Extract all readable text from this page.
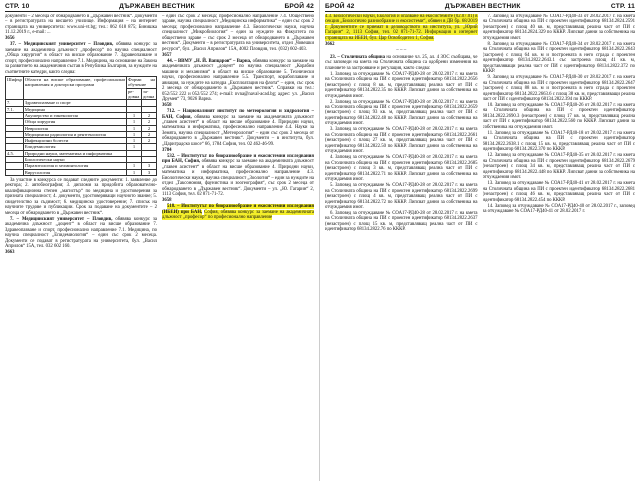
СТР. 10	ДЪРЖАВЕН ВЕСТНИК	БРОЙ 42

документи – 2 месеца от обнародването в „Държавен вестник“. Документи – в регистратурата на висшето училище. Информация – на интернет страницата на университета: www.uni-vt.bg; тел.: 062 618 875; Бинишка 11.12.2019 г., e-mail: ...

3656

37. – Медицинският университет – Пловдив, обявява конкурс за заемане на академична длъжност „професор“ по научна специалност „Обща хирургия“ в област на висше образование 7. Здравеопазване и спорт, професионално направление 7.1. Медицина, на основание на Закона за развитието на академичния състав в Република България, за нуждите на съответните катедри, както следва:

Шифър	Области на висше образование, професионални направления и докторски програми	Форми на обучение	
		ре-довна	за-дочна
7.	Здравеопазване и спорт		
7.1.	Медицина		
	Акушерство и гинекология	1	2
	Обща хирургия	1	2
	Неврология	1	2
	Медицинска радиология и рентгенология	1	2
	Инфекциозни болести	1	2
	Епидемиология	1	
4.5.	Природни науки, математика и информатика		
	Биологически науки		
	Паразитология и хелминтология	1	3
	Вирусология	1	3

За участие в конкурса се подават следните документи: 1. заявление до ректора; 2. автобиография; 3. дипломи за придобита образователно-квалификационна степен „магистър“ по медицина и удостоверения за призната специалност; 4. документи, удостоверяващи научното звание; 5. свидетелство за съдимост; 6. медицинско удостоверение; 7. списък на научните трудове и публикации. Срок за подаване на документите – 2 месеца от обнародването в „Държавен вестник“.

7. – Медицинският университет – Пловдив, обявява конкурс за академична длъжност „доцент“ в област на висше образование 7. Здравеопазване и спорт, професионално направление 7.1. Медицина, по научна специалност „Епидемиология“ – един със срок 2 месеца. Документи се подават в регистратурата на университета, бул. „Васил Априлов“ 15А, тел. 032 602 160.

3663

– един със срок 2 месеца; професионално направление 7.4. Обществено здраве, научна специалност „Медицинска информатика“ – един със срок 2 месеца; професионално направление 4.3. Биологически науки, научна специалност „Микробиология“ – един за нуждите на Факултета по обществено здраве – със срок 2 месеца от обнародването в „Държавен вестник“. Документи – в регистратурата на университета, отдел „Човешки ресурси“, бул. „Васил Априлов“ 15А, 4002 Пловдив, тел. (032) 602-403.

3657

44. – ВВМУ „Н. Й. Вапцаров“ – Варна, обявява конкурс за заемане на академичната длъжност „доцент“ по научна специалност „Корабни машини и механизми“ в област на висше образование 5. Технически науки, професионално направление 5.5. Транспорт, корабоплаване и авиация, за нуждите на катедра „Експлоатация на флота“ – един, със срок 2 месеца от обнародването в „Държавен вестник“. Справки на тел.: 052/552 222 и 052/552 274; e-mail: nvna@naval-acad.bg; адрес: ул. „Васил Друмев“ 73, 9026 Варна.

3658

712. – Националният институт по метеорология и хидрология – БАН, София, обявява конкурс за заемане на академичната длъжност „главен асистент“ в област на висше образование 4. Природни науки, математика и информатика, професионално направление 4.4. Науки за Земята, научна специалност „Метеорология“ – един със срок 2 месеца от обнародването в „Държавен вестник“. Документи – в институтa, бул. „Цариградско шосе“ 66, 1784 София, тел. 02 462-46-99.

3784

532. – Институтът по биоразнообразие и екосистемни изследвания при БАН, София, обявява конкурс за заемане на академичната длъжност „главен асистент“ в област на висше образование 4. Природни науки, математика и информатика, професионално направление 4.3. Биологически науки, научна специалност „Зоология“ – един за нуждите на отдел „Таксономия, фаунистика и зоогеография“, със срок 2 месеца от обнародването в „Държавен вестник“. Документи – ул. „Ю. Гагарин“ 2, 1113 София, тел. 02 871-71-72.

3658

518. – Институтът по биоразнообразие и екосистемни изследвания (ИБЕИ) при БАН, София, обявява конкурс за заемане на академичната длъжност „професор“ по професионално направление

БРОЙ 42	ДЪРЖАВЕН ВЕСТНИК	СТР. 11

4.3. Биологически науки, Екология и опазване на екосистемите (02.07.01) в секция „Биологично разнообразие и екосистеми“, обявен в ДВ бр. 68/2019 г. Документите се приемат в деловодството на института, ул. „Юрий Гагарин“ 2, 1113 София, тел. 02 871-71-72. Информация в интернет страницата на ИБЕИ, бул. Цар Освободител 1, София.

3662

– – –

23. – Столичната община на основание чл. 25, ал. 4 ЗОС съобщава, че със заповеди на кмета на Столичната община са одобрени изменения на плановете за застрояване и регулация, както следва:

1. Заповед за отчуждаване № СОА17-РД40-28 от 28.02.2017 г. на кмета на Столичната община на ПИ с проектен идентификатор 68134.2822.2656 (незастроен) с площ 8 кв. м, представляващ реална част от ПИ с идентификатор 68134.2822.35 по КККР. Липсват данни за собственика на отчуждаемия имот.

2. Заповед за отчуждаване № СОА17-РД40-28 от 28.02.2017 г. на кмета на Столичната община на ПИ с проектен идентификатор 68134.2822.2659 (незастроен) с площ 93 кв. м, представляващ реална част от ПИ с идентификатор 68134.2822.48 по КККР. Липсват данни за собственика на отчуждаемия имот.

3. Заповед за отчуждаване № СОА17-РД40-28 от 28.02.2017 г. на кмета на Столичната община на ПИ с проектен идентификатор 68134.2822.2661 (незастроен) с площ 27 кв. м, представляващ реална част от ПИ с идентификатор 68134.2822.50 по КККР. Липсват данни за собственика на отчуждаемия имот.

4. Заповед за отчуждаване № СОА17-РД40-28 от 28.02.2017 г. на кмета на Столичната община на ПИ с проектен идентификатор 68134.2822.2685 (незастроен) с площ 3 кв. м, представляващ реална част от ПИ с идентификатор 68134.2822.71 по КККР. Липсват данни за собственика на отчуждаемия имот.

5. Заповед за отчуждаване № СОА17-РД40-28 от 28.02.2017 г. на кмета на Столичната община на ПИ с проектен идентификатор 68134.2822.2699 (незастроен) с площ 4 кв. м, представляващ реална част от ПИ с идентификатор 68134.2822.72 по КККР. Липсват данни за собственика на отчуждаемия имот.

6. Заповед за отчуждаване № СОА17-РД40-28 от 28.02.2017 г. на кмета на Столичната община на ПИ с проектен идентификатор 68134.2822.2637 (незастроен) с площ 15 кв. м, представляващ реална част от ПИ с идентификатор 68134.2822.76 по КККР.

7. Заповед за отчуждаване № СОА17-РД40-33 от 28.02.2017 г. на кмета на Столичната община на ПИ с проектен идентификатор 68134.2824.2591 (незастроен) с площ 40 кв. м, представляващ реална част от ПИ с идентификатор 68134.2824.329 по КККР. Липсват данни за собственика на отчуждаемия имот.

8. Заповед за отчуждаване № СОА17-РД40-34 от 28.02.2017 г. на кмета на Столичната община на ПИ с проектен идентификатор 68134.2822.2643 (застроен) с площ 64 кв. м и построената в него сграда с проектен идентификатор 68134.2822.2643.1 със застроена площ 41 кв. м, представляващи реална част от ПИ с идентификатор 68134.2822.372 по КККР.

9. Заповед за отчуждаване № СОА17-РД40-30 от 28.02.2017 г. на кмета на Столичната община на ПИ с проектен идентификатор 68134.2822.2647 (застроен) с площ 88 кв. м и построената в него сграда с проектен идентификатор 68134.2822.2663.6 с площ 38 кв. м, представляващи реална част от ПИ с идентификатор 68134.2822.394 по КККР.

10. Заповед за отчуждаване № СОА17-РД40-26 от 28.02.2017 г. на кмета на Столичната община на ПИ с проектен идентификатор 68134.2822.2690.3 (незастроен) с площ 17 кв. м, представляващ реална част от ПИ с идентификатор 68134.2822.560 по КККР. Липсват данни за собственика на отчуждаемия имот.

11. Заповед за отчуждаване № СОА17-РД40-18 от 28.02.2017 г. на кмета на Столичната община на ПИ с проектен идентификатор 68134.2822.2638.1 с площ 15 кв. м, представляващ реална част от ПИ с идентификатор 68134.2822.370 по КККР.

12. Заповед за отчуждаване № СОА17-РД40-35 от 28.02.2017 г. на кмета на Столичната община на ПИ с проектен идентификатор 68134.2822.2679 (незастроен) с площ 34 кв. м, представляващ реална част от ПИ с идентификатор 68134.2822.448 по КККР. Липсват данни за собственика на отчуждаемия имот.

13. Заповед за отчуждаване № СОА17-РД40-41 от 28.02.2017 г. на кмета на Столичната община на ПИ с проектен идентификатор 68134.2822.2681 (незастроен) с площ 46 кв. м, представляващ реална част от ПИ с идентификатор 68134.2822.454 по КККР.

14. Заповед за отчуждаване № СОА17-РД40-40 от 28.02.2017 г., заповед за отчуждаване № СОА17-РД40-41 от 28.02.2017 г.
